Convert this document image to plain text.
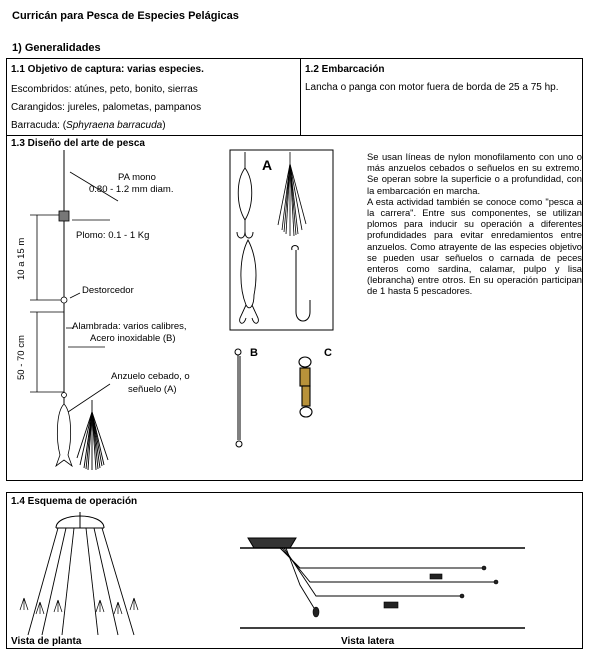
Curricán para Pesca de Especies Pelágicas
1) Generalidades
1.1 Objetivo de captura: varias especies.
Escombridos: atúnes, peto, bonito, sierras
Carangidos: jureles, palometas, pampanos
Barracuda: (Sphyraena barracuda)
1.2 Embarcación
Lancha o panga con motor fuera de borda de 25 a 75 hp.
1.3 Diseño del arte de pesca
PA mono
0.80 - 1.2 mm diam.
Plomo: 0.1 - 1 Kg
10 a 15 m
Destorcedor
Alambrada: varios calibres,
Acero inoxidable (B)
50 - 70 cm	Anzuelo cebado, o
señuelo (A)
A
B	C

Se usan líneas de nylon monofilamento con uno o más anzuelos cebados o señuelos en su extremo. Se operan sobre la superficie o a profundidad, con la embarcación en marcha.

A esta actividad también se conoce como "pesca a la carrera". Entre sus componentes, se utilizan plomos para inducir su operación a diferentes profundidades para evitar enredamientos entre anzuelos. Como atrayente de las especies objetivo se pueden usar señuelos o carnada de peces enteros como sardina, calamar, pulpo y lisa (lebrancha) entre otros. En su operación participan de 1 hasta 5 pescadores.

1.4 Esquema de operación
Vista de planta	Vista latera
